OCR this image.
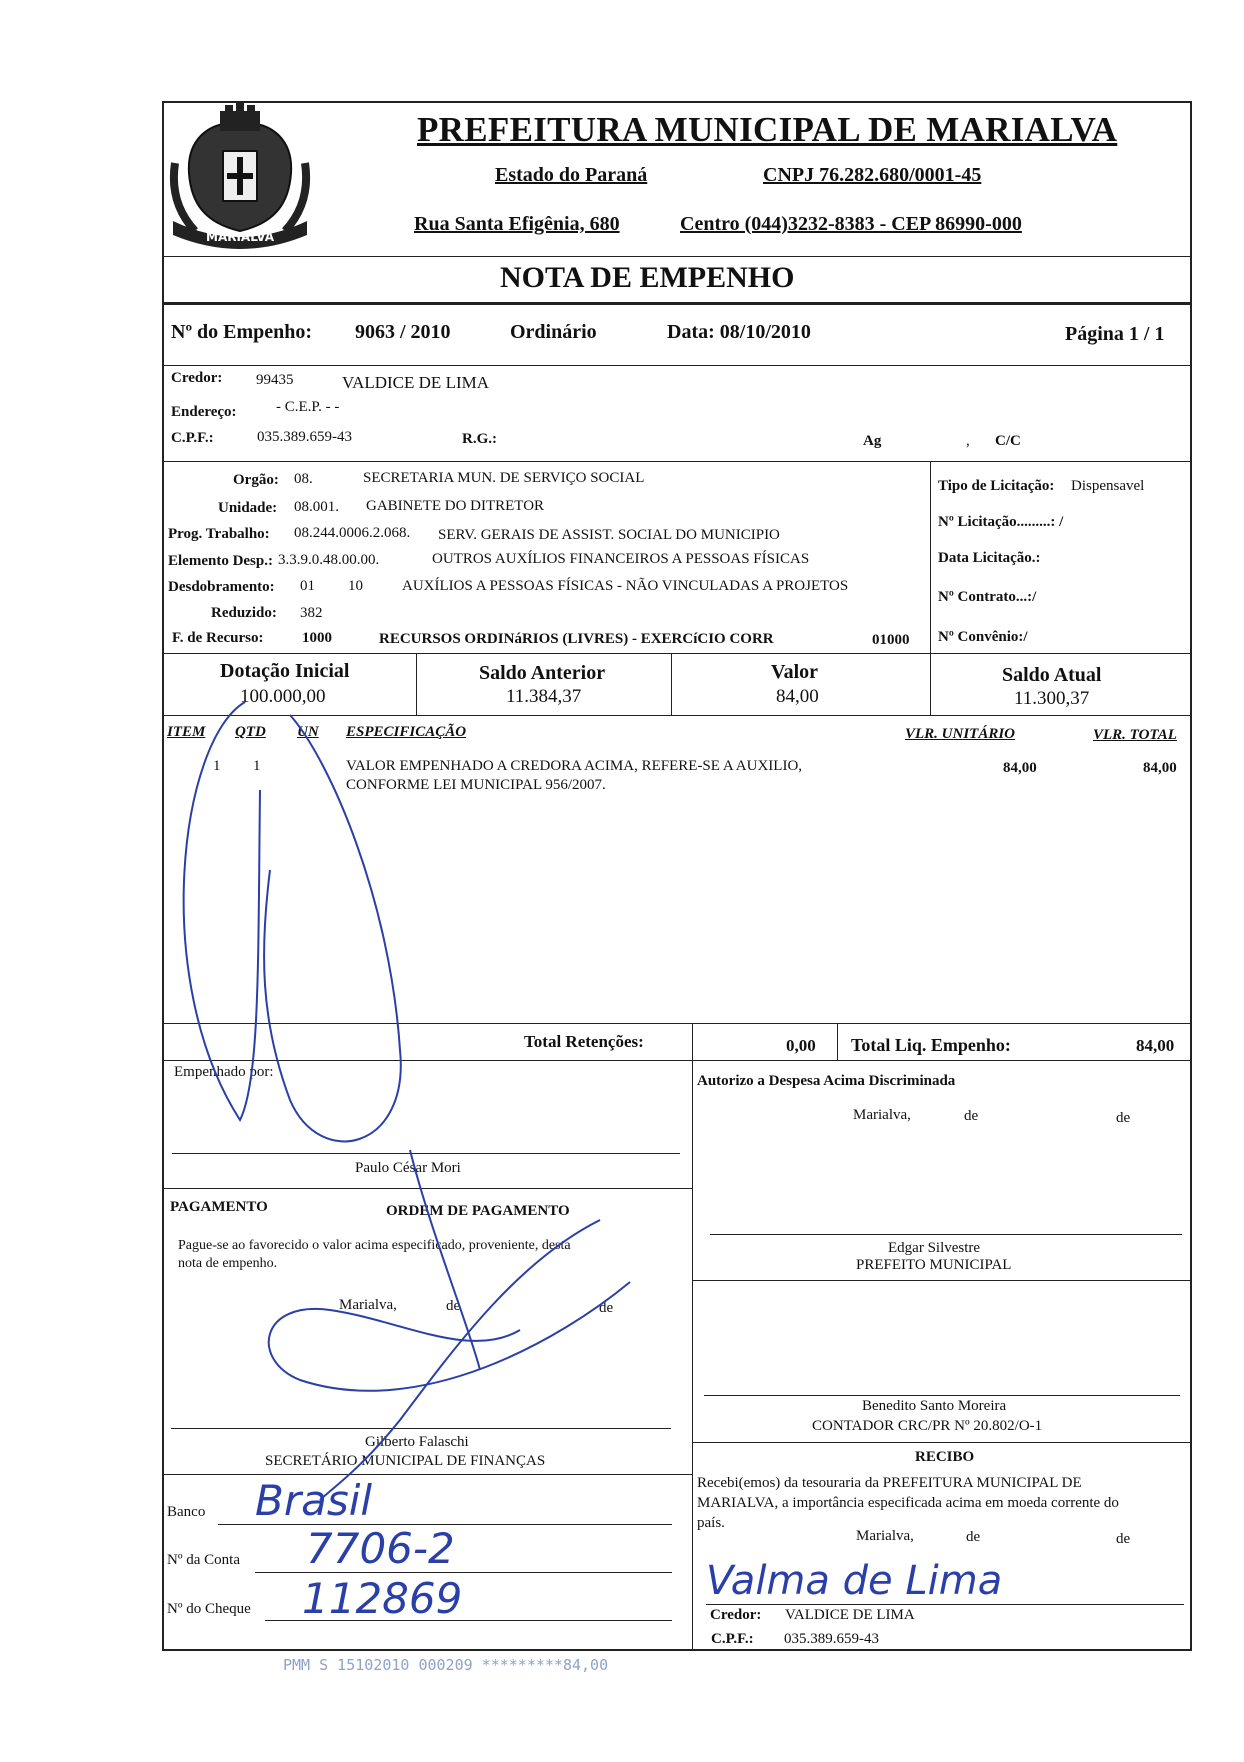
MARIALVA
PREFEITURA MUNICIPAL DE MARIALVA
Estado do Paraná	CNPJ 76.282.680/0001-45
Rua Santa Efigênia, 680	Centro (044)3232-8383 - CEP 86990-000
NOTA DE EMPENHO
Nº do Empenho: 9063 / 2010	Ordinário	Data: 08/10/2010	Página 1 / 1
Credor: 99435	VALDICE DE LIMA
Endereço:	- C.E.P. - -
C.P.F.:	035.389.659-43	R.G.:	Ag	, C/C
Orgão: 08.	SECRETARIA MUN. DE SERVIÇO SOCIAL
Unidade: 08.001. GABINETE DO DITRETOR
Prog. Trabalho: 08.244.0006.2.068. SERV. GERAIS DE ASSIST. SOCIAL DO MUNICIPIO
Elemento Desp.: 3.3.9.0.48.00.00.	OUTROS AUXÍLIOS FINANCEIROS A PESSOAS FÍSICAS
Desdobramento: 01 10	AUXÍLIOS A PESSOAS FÍSICAS - NÃO VINCULADAS A PROJETOS
Reduzido: 382
F. de Recurso:	1000	RECURSOS ORDINáRIOS (LIVRES) - EXERCíCIO CORR	01000
Tipo de Licitação: Dispensavel
Nº Licitação.........: /
Data Licitação.:
Nº Contrato...:/
Nº Convênio:/
Dotação Inicial
100.000,00
Saldo Anterior
11.384,37
Valor
84,00
Saldo Atual
11.300,37
ITEM QTD UN ESPECIFICAÇÃO	VLR. UNITÁRIO	VLR. TOTAL
1 1	VALOR EMPENHADO A CREDORA ACIMA, REFERE-SE A AUXILIO,
CONFORME LEI MUNICIPAL 956/2007.
84,00	84,00
Total Retenções:	0,00 Total Liq. Empenho:	84,00
Empenhado por:
Paulo César Mori
Autorizo a Despesa Acima Discriminada
Marialva,	de	de
Edgar Silvestre
PREFEITO MUNICIPAL
PAGAMENTO	ORDEM DE PAGAMENTO
Pague-se ao favorecido o valor acima especificado, proveniente, desta
nota de empenho.
Marialva,	de	de
Gilberto Falaschi
SECRETÁRIO MUNICIPAL DE FINANÇAS
Benedito Santo Moreira
CONTADOR CRC/PR Nº 20.802/O-1
RECIBO
Recebi(emos) da tesouraria da PREFEITURA MUNICIPAL DE
MARIALVA, a importância especificada acima em moeda corrente do
país.
Marialva,	de	de
Credor: VALDICE DE LIMA
C.P.F.: 035.389.659-43
Banco Brasil
Nº da Conta 7706-2
Nº do Cheque 112869	Valma de Lima
PMM S 15102010 000209 *********84,00
